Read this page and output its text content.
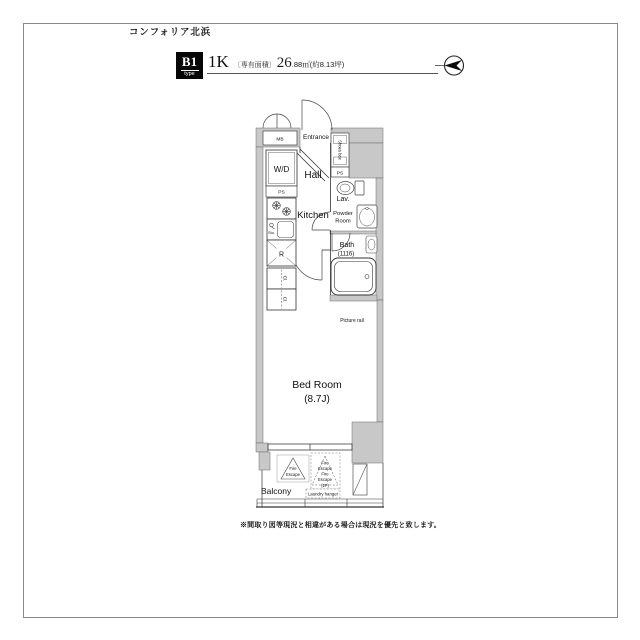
コンフォリア北浜
B1
type
1K 〔専有面積〕 26 .88㎡(約8.13坪)
MB	Entrance
Shoes box
PS
W/D
PS
Hall
Kitchen
Sto.
R
Cl.
Cl.
Lav.
Powder
Room
Bath
(1116)
Bed Room
(8.7J)
Picture rail
Balcony
Fire
Escape
Fire
Escape
Fire
Escape
(2F)
Laundry hanger
※間取り図等現況と相違がある場合は現況を優先と致します。
